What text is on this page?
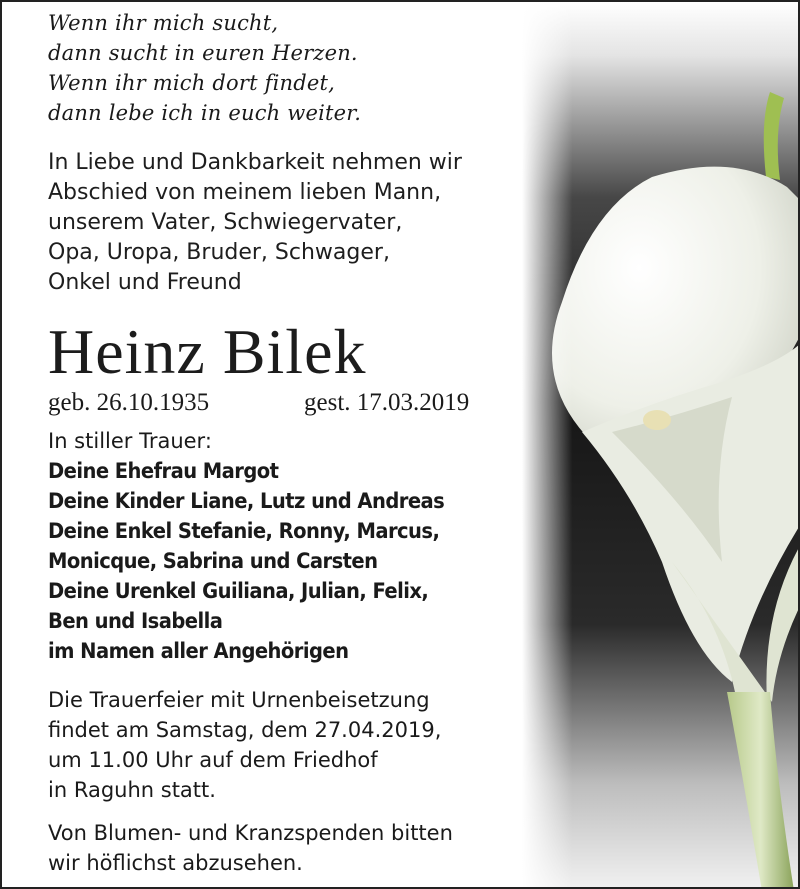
Wenn ihr mich sucht,
dann sucht in euren Herzen.
Wenn ihr mich dort findet,
dann lebe ich in euch weiter.
In Liebe und Dankbarkeit nehmen wir
Abschied von meinem lieben Mann,
unserem Vater, Schwiegervater,
Opa, Uropa, Bruder, Schwager,
Onkel und Freund
Heinz Bilek
geb. 26.10.1935	gest. 17.03.2019
In stiller Trauer:
Deine Ehefrau Margot
Deine Kinder Liane, Lutz und Andreas
Deine Enkel Stefanie, Ronny, Marcus,
Monicque, Sabrina und Carsten
Deine Urenkel Guiliana, Julian, Felix,
Ben und Isabella
im Namen aller Angehörigen
Die Trauerfeier mit Urnenbeisetzung
findet am Samstag, dem 27.04.2019,
um 11.00 Uhr auf dem Friedhof
in Raguhn statt.
Von Blumen- und Kranzspenden bitten
wir höflichst abzusehen.
